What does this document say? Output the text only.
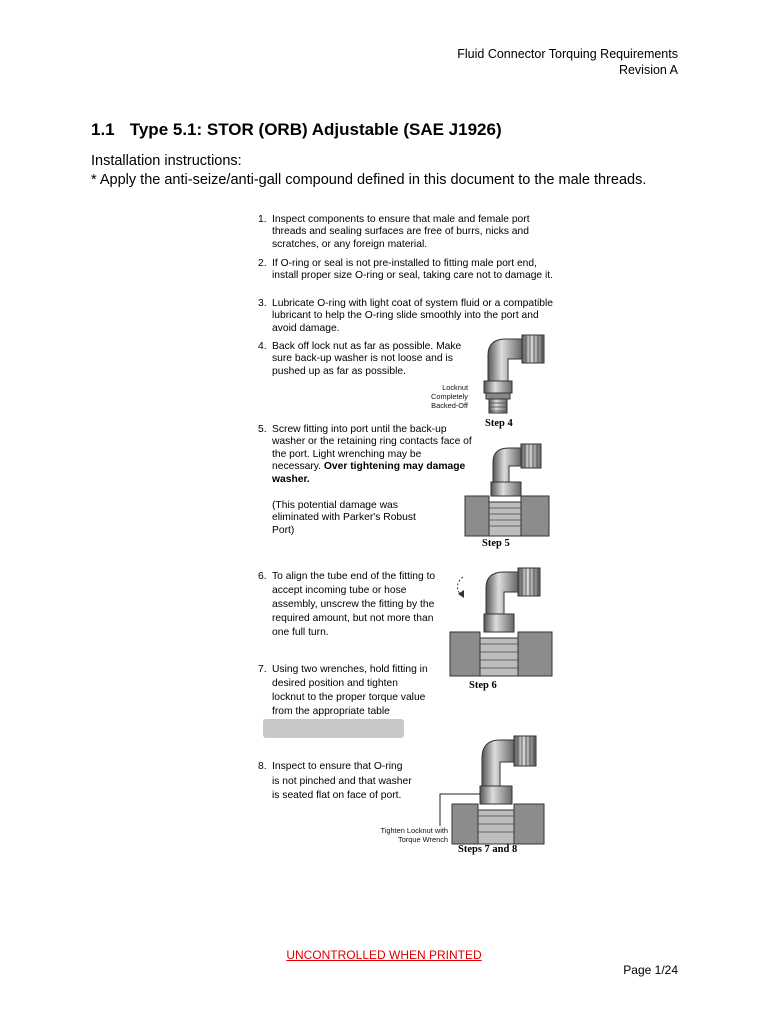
Fluid Connector Torquing Requirements
Revision A
1.1 Type 5.1: STOR (ORB) Adjustable (SAE J1926)
Installation instructions:
* Apply the anti-seize/anti-gall compound defined in this document to the male threads.
1. Inspect components to ensure that male and female port threads and sealing surfaces are free of burrs, nicks and scratches, or any foreign material.
2. If O-ring or seal is not pre-installed to fitting male port end, install proper size O-ring or seal, taking care not to damage it.
3. Lubricate O-ring with light coat of system fluid or a compatible lubricant to help the O-ring slide smoothly into the port and avoid damage.
4. Back off lock nut as far as possible. Make sure back-up washer is not loose and is pushed up as far as possible.
5. Screw fitting into port until the back-up washer or the retaining ring contacts face of the port. Light wrenching may be necessary. Over tightening may damage washer.
(This potential damage was eliminated with Parker's Robust Port)
6. To align the tube end of the fitting to accept incoming tube or hose assembly, unscrew the fitting by the required amount, but not more than one full turn.
7. Using two wrenches, hold fitting in desired position and tighten locknut to the proper torque value from the appropriate table
8. Inspect to ensure that O-ring is not pinched and that washer is seated flat on face of port.
Locknut Completely Backed-Off
Step 4
Step 5
Step 6
Tighten Locknut with Torque Wrench
Steps 7 and 8
UNCONTROLLED WHEN PRINTED
Page 1/24
